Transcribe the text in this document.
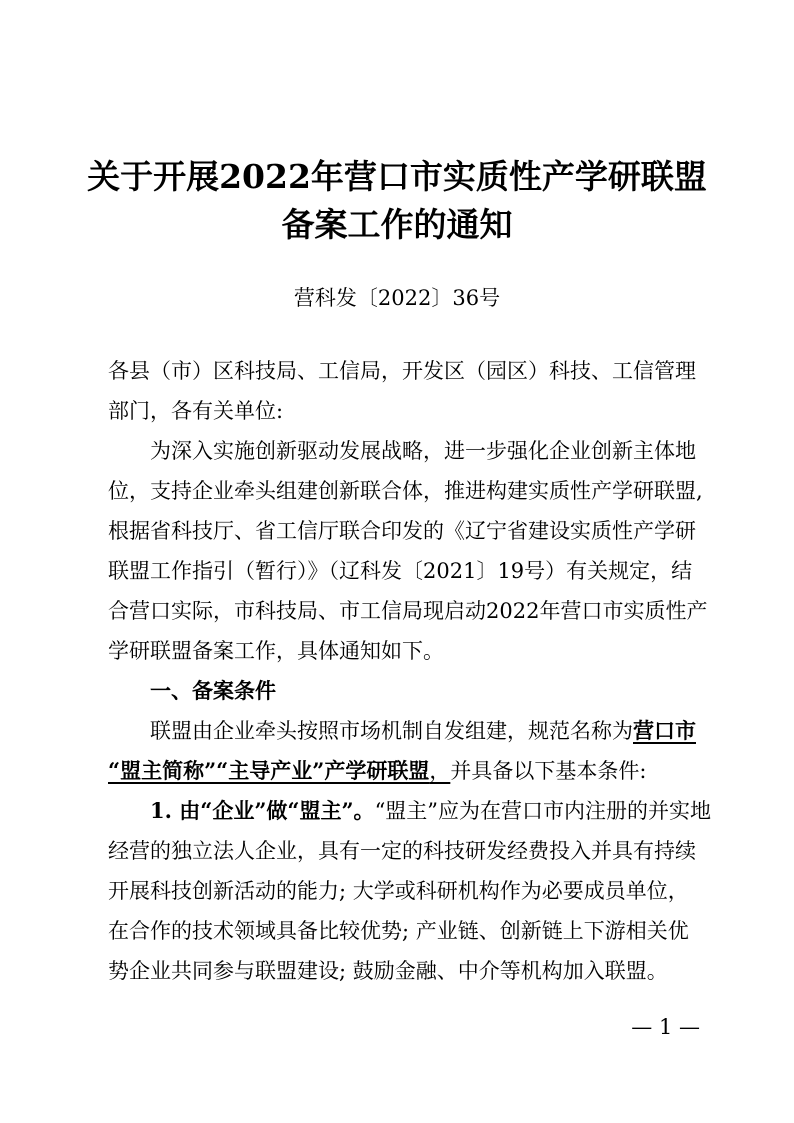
关于开展2022年营口市实质性产学研联盟
备案工作的通知
营科发〔2022〕36号
各县（市）区科技局、工信局，开发区（园区）科技、工信管理
部门，各有关单位:
为深入实施创新驱动发展战略，进一步强化企业创新主体地
位，支持企业牵头组建创新联合体，推进构建实质性产学研联盟,
根据省科技厅、省工信厅联合印发的《辽宁省建设实质性产学研
联盟工作指引（暂行）》（辽科发〔2021〕19号）有关规定，结
合营口实际，市科技局、市工信局现启动2022年营口市实质性产
学研联盟备案工作，具体通知如下。
一、备案条件
联盟由企业牵头按照市场机制自发组建，规范名称为营口市
“盟主简称”“主导产业”产学研联盟，并具备以下基本条件:
1. 由“企业”做“盟主”。“盟主”应为在营口市内注册的并实地
经营的独立法人企业，具有一定的科技研发经费投入并具有持续
开展科技创新活动的能力; 大学或科研机构作为必要成员单位，
在合作的技术领域具备比较优势; 产业链、创新链上下游相关优
势企业共同参与联盟建设; 鼓励金融、中介等机构加入联盟。
— 1 —
